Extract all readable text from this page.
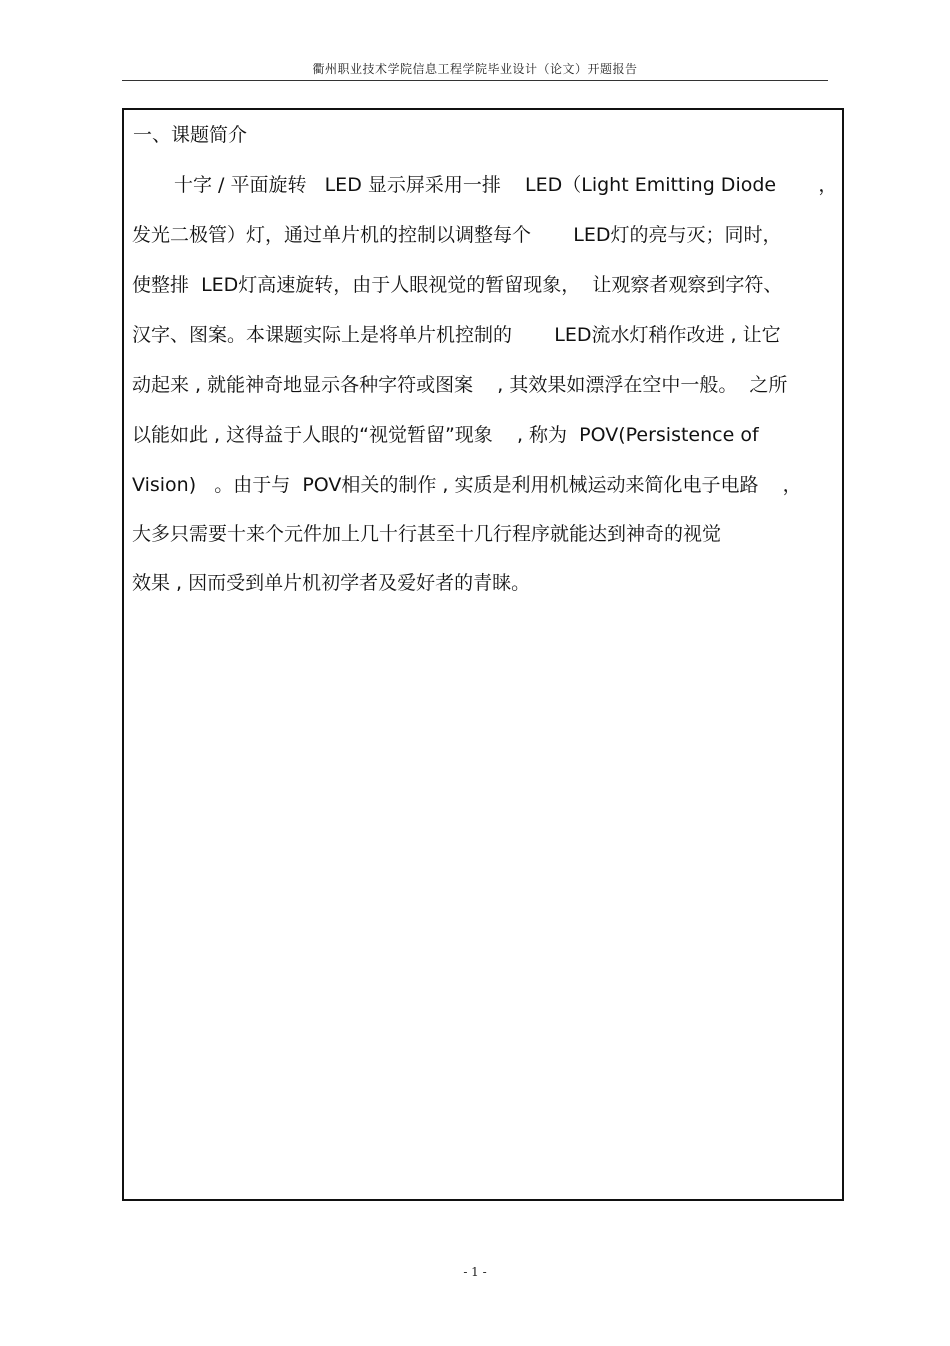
衢州职业技术学院信息工程学院毕业设计（论文）开题报告
一、课题简介
十字 / 平面旋转   LED 显示屏采用一排    LED（Light Emitting Diode       ，
发光二极管）灯，通过单片机的控制以调整每个       LED灯的亮与灭；同时，
使整排  LED灯高速旋转，由于人眼视觉的暂留现象，  让观察者观察到字符、
汉字、图案。本课题实际上是将单片机控制的       LED流水灯稍作改进 , 让它
动起来 , 就能神奇地显示各种字符或图案    , 其效果如漂浮在空中一般。  之所
以能如此 , 这得益于人眼的“视觉暂留”现象    , 称为  POV(Persistence of
Vision)   。由于与  POV相关的制作 , 实质是利用机械运动来简化电子电路    ，
大多只需要十来个元件加上几十行甚至十几行程序就能达到神奇的视觉
效果 , 因而受到单片机初学者及爱好者的青睐。
- 1 -
